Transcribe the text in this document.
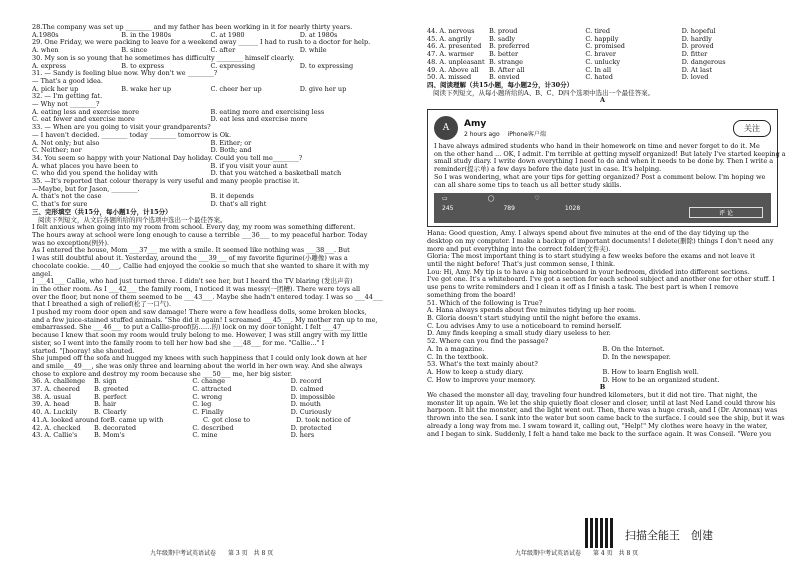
28.The company was set up ________ and my father has been working in it for nearly thirty years.
A.1980s	B. in the 1980s	C. at 1980	D. at 1980s
29. One Friday, we were packing to leave for a weekend away ______ I had to rush to a doctor for help.
A. when	B. since	C. after	D. while
30. My son is so young that he sometimes has difficulty ________ himself clearly.
A. express	B. to express	C. expressing	D. to expressing
31. — Sandy is feeling blue now. Why don't we ________?
— That's a good idea.
A. pick her up	B. wake her up	C. cheer her up	D. give her up
32. — I'm getting fat.
— Why not ________?
A. eating less and exercise more	B. eating more and exercising less
C. eat fewer and exercise more	D. eat less and exercise more
33. — When are you going to visit your grandparents?
— I haven't decided. ________ today ________ tomorrow is Ok.
A. Not only; but also	B. Either; or
C. Neither; nor	D. Both; and
34. You seem so happy with your National Day holiday. Could you tell me________?
A. what places you have been to	B. if you visit your aunt
C. who did you spend the holiday with	D. that you watched a basketball match
35. —It's reported that colour therapy is very useful and many people practise it.
—Maybe, but for Jason, ________.
A. that's not the case	B. it depends
C. that's for sure	D. that's all right
三、完形填空（共15分，每小题1分，计15分）
阅读下列短文，从文后各题所给的四个选项中选出一个最佳答案。
I felt anxious when going into my room from school. Every day, my room was something different.
The hours away at school were long enough to cause a terrible ___36___ to my peaceful harbor. Today
was no exception(例外).
As I entered the house, Mom ___37___ me with a smile. It seemed like nothing was ___38___. But
I was still doubtful about it. Yesterday, around the ___39___ of my favorite figurine(小雕像) was a
chocolate cookie. ___40___, Callie had enjoyed the cookie so much that she wanted to share it with my
angel.
I ___41___ Callie, who had just turned three. I didn't see her, but I heard the TV blaring (发出声音)
in the other room. As I ___42___ the family room, I noticed it was messy(一团糟). There were toys all
over the floor, but none of them seemed to be ___43___. Maybe she hadn't entered today. I was so ___44___
that I breathed a sigh of relief(松了一口气).
I pushed my room door open and saw damage! There were a few headless dolls, some broken blocks,
and a few juice-stained stuffed animals. "She did it again! I screamed ___45___. My mother ran up to me,
embarrassed. She ___46___ to put a Callie-proof(防……的) lock on my door tonight. I felt ___47___
because I knew that soon my room would truly belong to me. However, I was still angry with my little
sister, so I went into the family room to tell her how bad she ___48___ for me. "Callie..." I
started. "[hooray! she shouted.
She jumped off the sofa and hugged my knees with such happiness that I could only look down at her
and smile___49___, she was only three and learning about the world in her own way. And she always
chose to explore and destroy my room because she ___50___ me, her big sister.
36. A. challenge	B. sign	C. change	D. record
37. A. cheered	B. greeted	C. attracted	D. calmed
38. A. usual	B. perfect	C. wrong	D. impossible
39. A. head	B. hair	C. leg	D. mouth
40. A. Luckily	B. Clearly	C. Finally	D. Curiously
41.A. looked around for B. came up with	C. got close to	D. took notice of
42. A. checked	B. decorated	C. described	D. protected
43. A. Callie's	B. Mom's	C. mine	D. hers
九年级期中考试英语试卷　　第 3 页　共 8 页
44. A. nervous	B. proud	C. tired	D. hopeful
45. A. angrily	B. sadly	C. happily	D. hardly
46. A. presented	B. preferred	C. promised	D. proved
47. A. warmer	B. better	C. braver	D. fitter
48. A. unpleasant B. strange	C. unlucky	D. dangerous
49. A. Above all	B. After all	C. In all	D. At last
50. A. missed	B. envied	C. hated	D. loved
四、阅读理解（共15小题，每小题2分，计30分）
阅读下列短文，从每小题所给的A、B、C、D四个选项中选出一个最佳答案。
A
A	Amy
2 hours ago　 iPhone客户端
关注
I have always admired students who hand in their homework on time and never forget to do it. Me
on the other hand ... OK, I admit. I'm terrible at getting myself organized! But lately I've started keeping a
small study diary. I write down everything I need to do and when it needs to be done by. Then I write a
reminder(提示单) a few days before the date just in case. It's helping.
So I was wondering, what are your tips for getting organized? Post a comment below. I'm hoping we
can all share some tips to teach us all better study skills.
▭	◯	♡
245	789	1028
评 论
Hana: Good question, Amy. I always spend about five minutes at the end of the day tidying up the
desktop on my computer. I make a backup of important documents! I delete(删除) things I don't need any
more and put everything into the correct folder(文件夹).
Gloria: The most important thing is to start studying a few weeks before the exams and not leave it
until the night before! That's just common sense, I think.
Lou: Hi, Amy. My tip is to have a big noticeboard in your bedroom, divided into different sections.
I've got one. It's a whiteboard. I've got a section for each school subject and another one for other stuff. I
use pens to write reminders and I clean it off as I finish a task. The best part is when I remove
something from the board!
51. Which of the following is True?
A. Hana always spends about five minutes tidying up her room.
B. Gloria doesn't start studying until the night before the exams.
C. Lou advises Amy to use a noticeboard to remind herself.
D. Amy finds keeping a small study diary useless to her.
52. Where can you find the passage?
A. In a magazine.	B. On the Internet.
C. In the textbook.	D. In the newspaper.
53. What's the text mainly about?
A. How to keep a study diary.	B. How to learn English well.
C. How to improve your memory.	D. How to be an organized student.
B
We chased the monster all day, traveling four hundred kilometers, but it did not tire. That night, the
monster lit up again. We let the ship quietly float closer and closer, until at last Ned Land could throw his
harpoon. It hit the monster, and the light went out. Then, there was a huge crash, and I (Dr. Aronnax) was
thrown into the sea. I sank into the water but soon came back to the surface. I could see the ship, but it was
already a long way from me. I swam toward it, calling out, "Help!" My clothes were heavy in the water,
and I began to sink. Suddenly, I felt a hand take me back to the surface again. It was Conseil. "Were you
九年级期中考试英语试卷　　第 4 页　共 8 页
扫描全能王　创建
